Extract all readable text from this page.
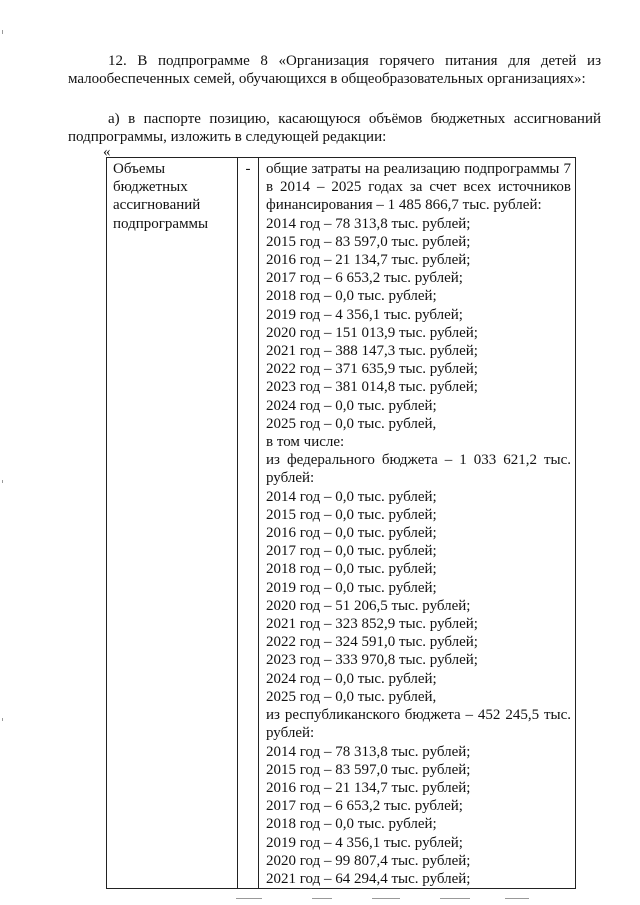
12. В подпрограмме 8 «Организация горячего питания для детей из малообеспеченных семей, обучающихся в общеобразовательных организациях»:

а) в паспорте позицию, касающуюся объёмов бюджетных ассигнований подпрограммы, изложить в следующей редакции:

«
Объемы
бюджетных
ассигнований
подпрограммы
	-	общие затраты на реализацию подпрограммы 7
в 2014 – 2025 годах за счет всех источников
финансирования – 1 485 866,7 тыс. рублей:
2014 год – 78 313,8 тыс. рублей;
2015 год – 83 597,0 тыс. рублей;
2016 год – 21 134,7 тыс. рублей;
2017 год – 6 653,2 тыс. рублей;
2018 год – 0,0 тыс. рублей;
2019 год – 4 356,1 тыс. рублей;
2020 год – 151 013,9 тыс. рублей;
2021 год – 388 147,3 тыс. рублей;
2022 год – 371 635,9 тыс. рублей;
2023 год – 381 014,8 тыс. рублей;
2024 год – 0,0 тыс. рублей;
2025 год – 0,0 тыс. рублей,
в том числе:
из федерального бюджета – 1 033 621,2 тыс.
рублей:
2014 год – 0,0 тыс. рублей;
2015 год – 0,0 тыс. рублей;
2016 год – 0,0 тыс. рублей;
2017 год – 0,0 тыс. рублей;
2018 год – 0,0 тыс. рублей;
2019 год – 0,0 тыс. рублей;
2020 год – 51 206,5 тыс. рублей;
2021 год – 323 852,9 тыс. рублей;
2022 год – 324 591,0 тыс. рублей;
2023 год – 333 970,8 тыс. рублей;
2024 год – 0,0 тыс. рублей;
2025 год – 0,0 тыс. рублей,
из республиканского бюджета – 452 245,5 тыс.
рублей:
2014 год – 78 313,8 тыс. рублей;
2015 год – 83 597,0 тыс. рублей;
2016 год – 21 134,7 тыс. рублей;
2017 год – 6 653,2 тыс. рублей;
2018 год – 0,0 тыс. рублей;
2019 год – 4 356,1 тыс. рублей;
2020 год – 99 807,4 тыс. рублей;
2021 год – 64 294,4 тыс. рублей;
